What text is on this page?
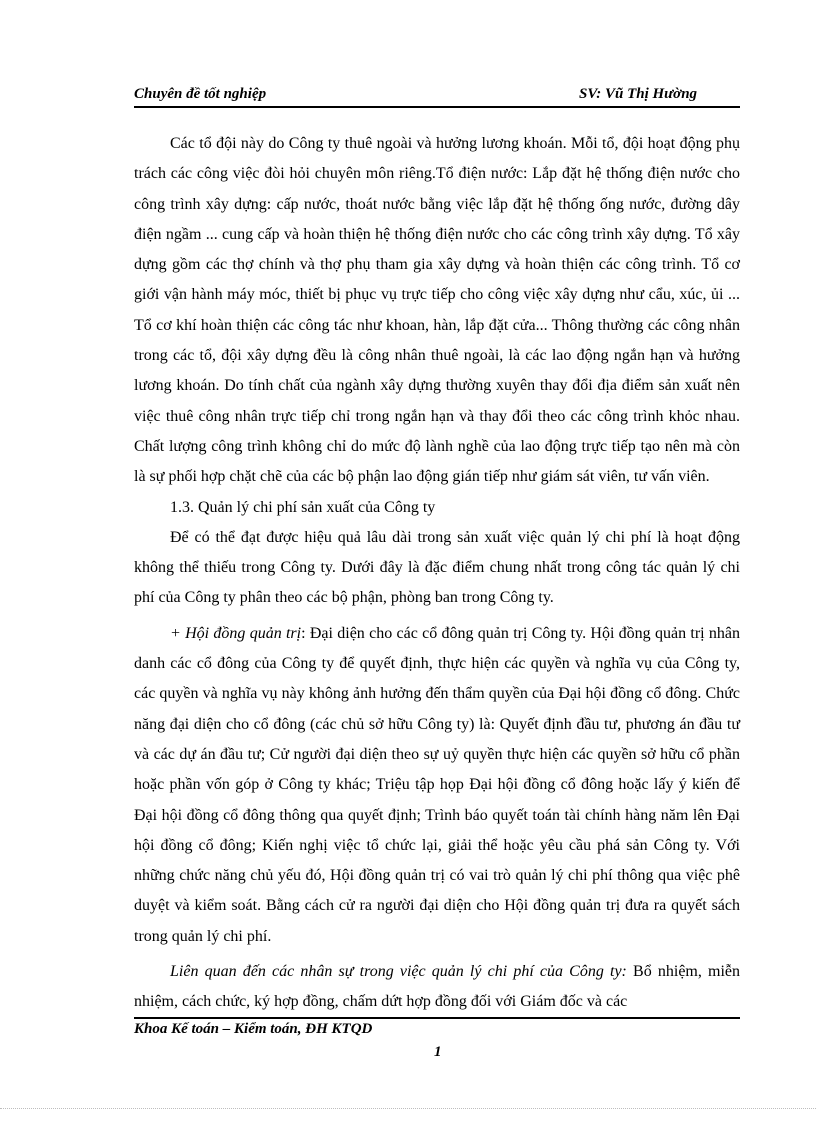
Chuyên đề tốt nghiệp	SV: Vũ Thị Hường

Các tổ đội này do Công ty thuê ngoài và hưởng lương khoán. Mỗi tổ, đội hoạt động phụ trách các công việc đòi hỏi chuyên môn riêng.Tổ điện nước: Lắp đặt hệ thống điện nước cho công trình xây dựng: cấp nước, thoát nước bằng việc lắp đặt hệ thống ống nước, đường dây điện ngầm ... cung cấp và hoàn thiện hệ thống điện nước cho các công trình xây dựng. Tổ xây dựng gồm các thợ chính và thợ phụ tham gia xây dựng và hoàn thiện các công trình. Tổ cơ giới vận hành máy móc, thiết bị phục vụ trực tiếp cho công việc xây dựng như cẩu, xúc, ủi ... Tổ cơ khí hoàn thiện các công tác như khoan, hàn, lắp đặt cửa... Thông thường các công nhân trong các tổ, đội xây dựng đều là công nhân thuê ngoài, là các lao động ngắn hạn và hưởng lương khoán. Do tính chất của ngành xây dựng thường xuyên thay đổi địa điểm sản xuất nên việc thuê công nhân trực tiếp chỉ trong ngắn hạn và thay đổi theo các công trình khỏc nhau. Chất lượng công trình không chỉ do mức độ lành nghề của lao động trực tiếp tạo nên mà còn là sự phối hợp chặt chẽ của các bộ phận lao động gián tiếp như giám sát viên, tư vấn viên.

1.3. Quản lý chi phí sản xuất của Công ty

Để có thể đạt được hiệu quả lâu dài trong sản xuất việc quản lý chi phí là hoạt động không thể thiếu trong Công ty. Dưới đây là đặc điểm chung nhất trong công tác quản lý chi phí của Công ty phân theo các bộ phận, phòng ban trong Công ty.

+ Hội đồng quản trị: Đại diện cho các cổ đông quản trị Công ty. Hội đồng quản trị nhân danh các cổ đông của Công ty để quyết định, thực hiện các quyền và nghĩa vụ của Công ty, các quyền và nghĩa vụ này không ảnh hưởng đến thẩm quyền của Đại hội đồng cổ đông. Chức năng đại diện cho cổ đông (các chủ sở hữu Công ty) là: Quyết định đầu tư, phương án đầu tư và các dự án đầu tư; Cử người đại diện theo sự uỷ quyền thực hiện các quyền sở hữu cổ phần hoặc phần vốn góp ở Công ty khác; Triệu tập họp Đại hội đồng cổ đông hoặc lấy ý kiến để Đại hội đồng cổ đông thông qua quyết định; Trình báo quyết toán tài chính hàng năm lên Đại hội đồng cổ đông; Kiến nghị việc tổ chức lại, giải thể hoặc yêu cầu phá sản Công ty. Với những chức năng chủ yếu đó, Hội đồng quản trị có vai trò quản lý chi phí thông qua việc phê duyệt và kiểm soát. Bằng cách cử ra người đại diện cho Hội đồng quản trị đưa ra quyết sách trong quản lý chi phí.

Liên quan đến các nhân sự trong việc quản lý chi phí của Công ty: Bổ nhiệm, miễn nhiệm, cách chức, ký hợp đồng, chấm dứt hợp đồng đối với Giám đốc và các

Khoa Kế toán – Kiểm toán, ĐH KTQD
1
